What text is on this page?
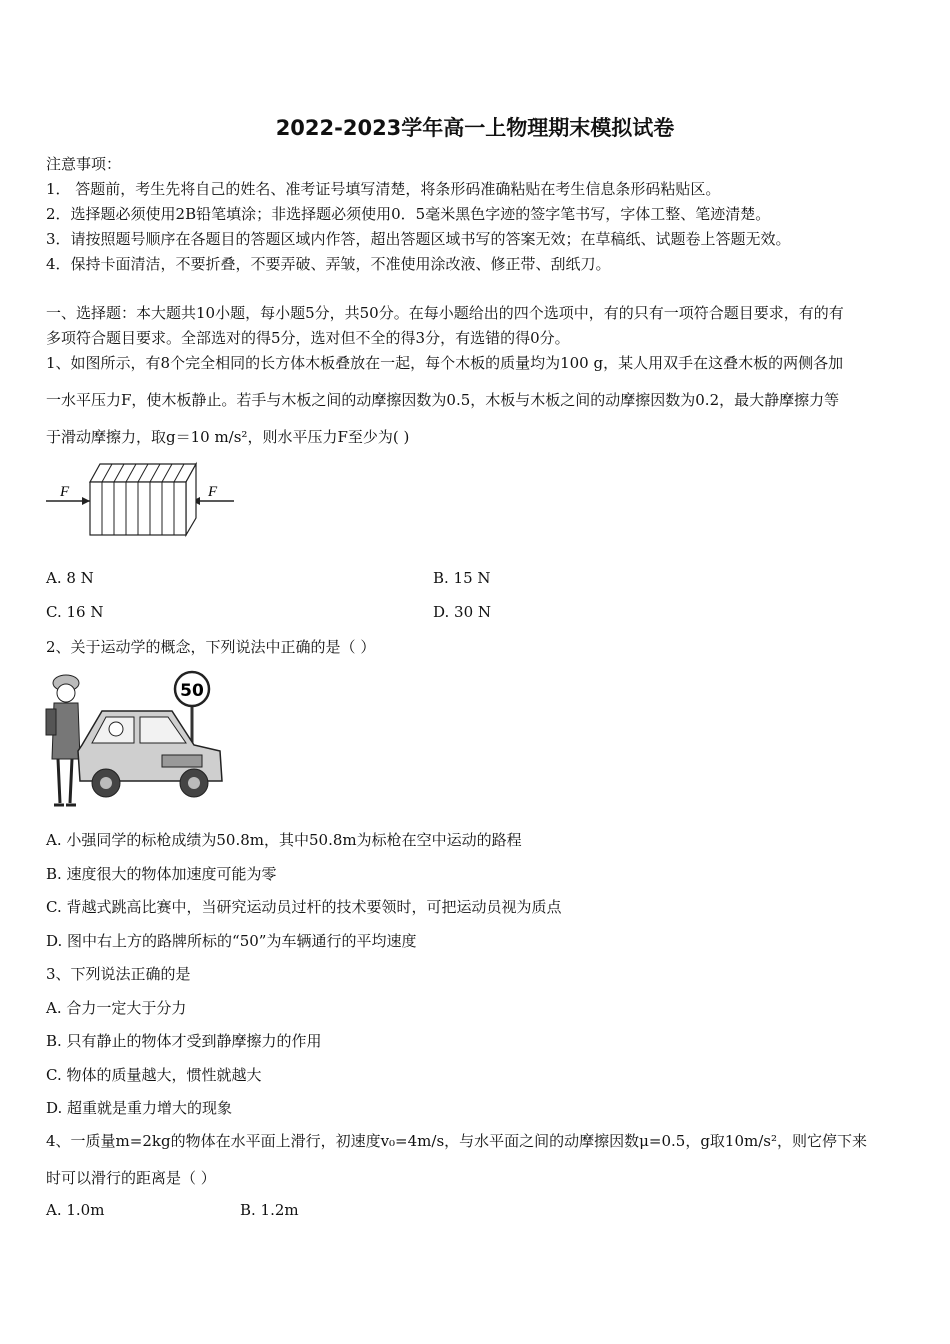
2022-2023学年高一上物理期末模拟试卷
注意事项：
1． 答题前，考生先将自己的姓名、准考证号填写清楚，将条形码准确粘贴在考生信息条形码粘贴区。
2．选择题必须使用2B铅笔填涂；非选择题必须使用0．5毫米黑色字迹的签字笔书写，字体工整、笔迹清楚。
3．请按照题号顺序在各题目的答题区域内作答，超出答题区域书写的答案无效；在草稿纸、试题卷上答题无效。
4．保持卡面清洁，不要折叠，不要弄破、弄皱，不准使用涂改液、修正带、刮纸刀。
一、选择题：本大题共10小题，每小题5分，共50分。在每小题给出的四个选项中，有的只有一项符合题目要求，有的有
多项符合题目要求。全部选对的得5分，选对但不全的得3分，有选错的得0分。
1、如图所示，有8个完全相同的长方体木板叠放在一起，每个木板的质量均为100 g，某人用双手在这叠木板的两侧各加
一水平压力F，使木板静止。若手与木板之间的动摩擦因数为0.5，木板与木板之间的动摩擦因数为0.2，最大静摩擦力等
于滑动摩擦力，取g＝10 m/s²，则水平压力F至少为( )
F	F
A. 8 N	B. 15 N
C. 16 N	D. 30 N
2、关于运动学的概念，下列说法中正确的是（ ）
50
A. 小强同学的标枪成绩为50.8m，其中50.8m为标枪在空中运动的路程
B. 速度很大的物体加速度可能为零
C. 背越式跳高比赛中，当研究运动员过杆的技术要领时，可把运动员视为质点
D. 图中右上方的路牌所标的“50”为车辆通行的平均速度
3、下列说法正确的是
A. 合力一定大于分力
B. 只有静止的物体才受到静摩擦力的作用
C. 物体的质量越大，惯性就越大
D. 超重就是重力增大的现象
4、一质量m=2kg的物体在水平面上滑行，初速度v₀=4m/s，与水平面之间的动摩擦因数μ=0.5，g取10m/s²，则它停下来
时可以滑行的距离是（ ）
A. 1.0m	B. 1.2m
